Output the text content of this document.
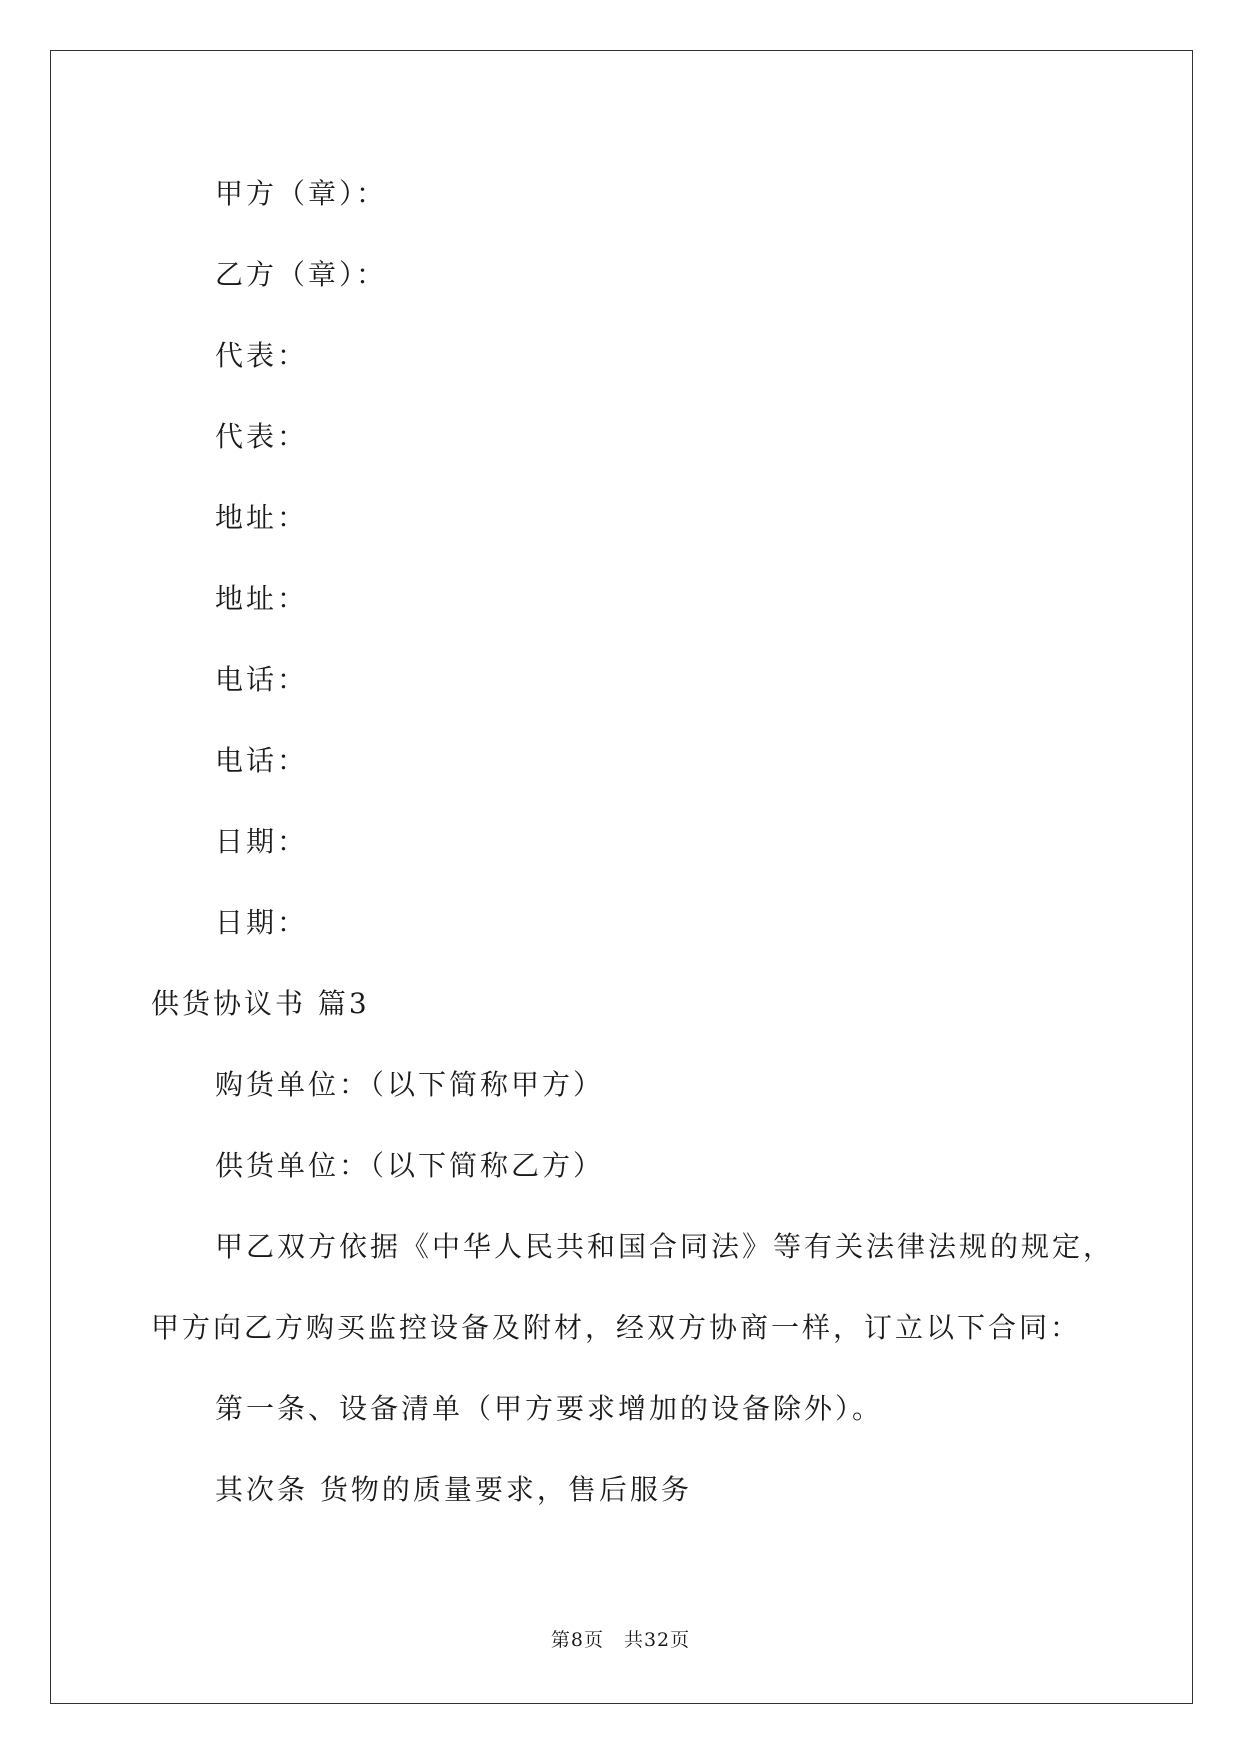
甲方（章）：
乙方（章）：
代表：
代表：
地址：
地址：
电话：
电话：
日期：
日期：
供货协议书 篇3
购货单位：（以下简称甲方）
供货单位：（以下简称乙方）
甲乙双方依据《中华人民共和国合同法》等有关法律法规的规定，
甲方向乙方购买监控设备及附材，经双方协商一样，订立以下合同：
第一条、设备清单（甲方要求增加的设备除外）。
其次条 货物的质量要求，售后服务
第8页　共32页
